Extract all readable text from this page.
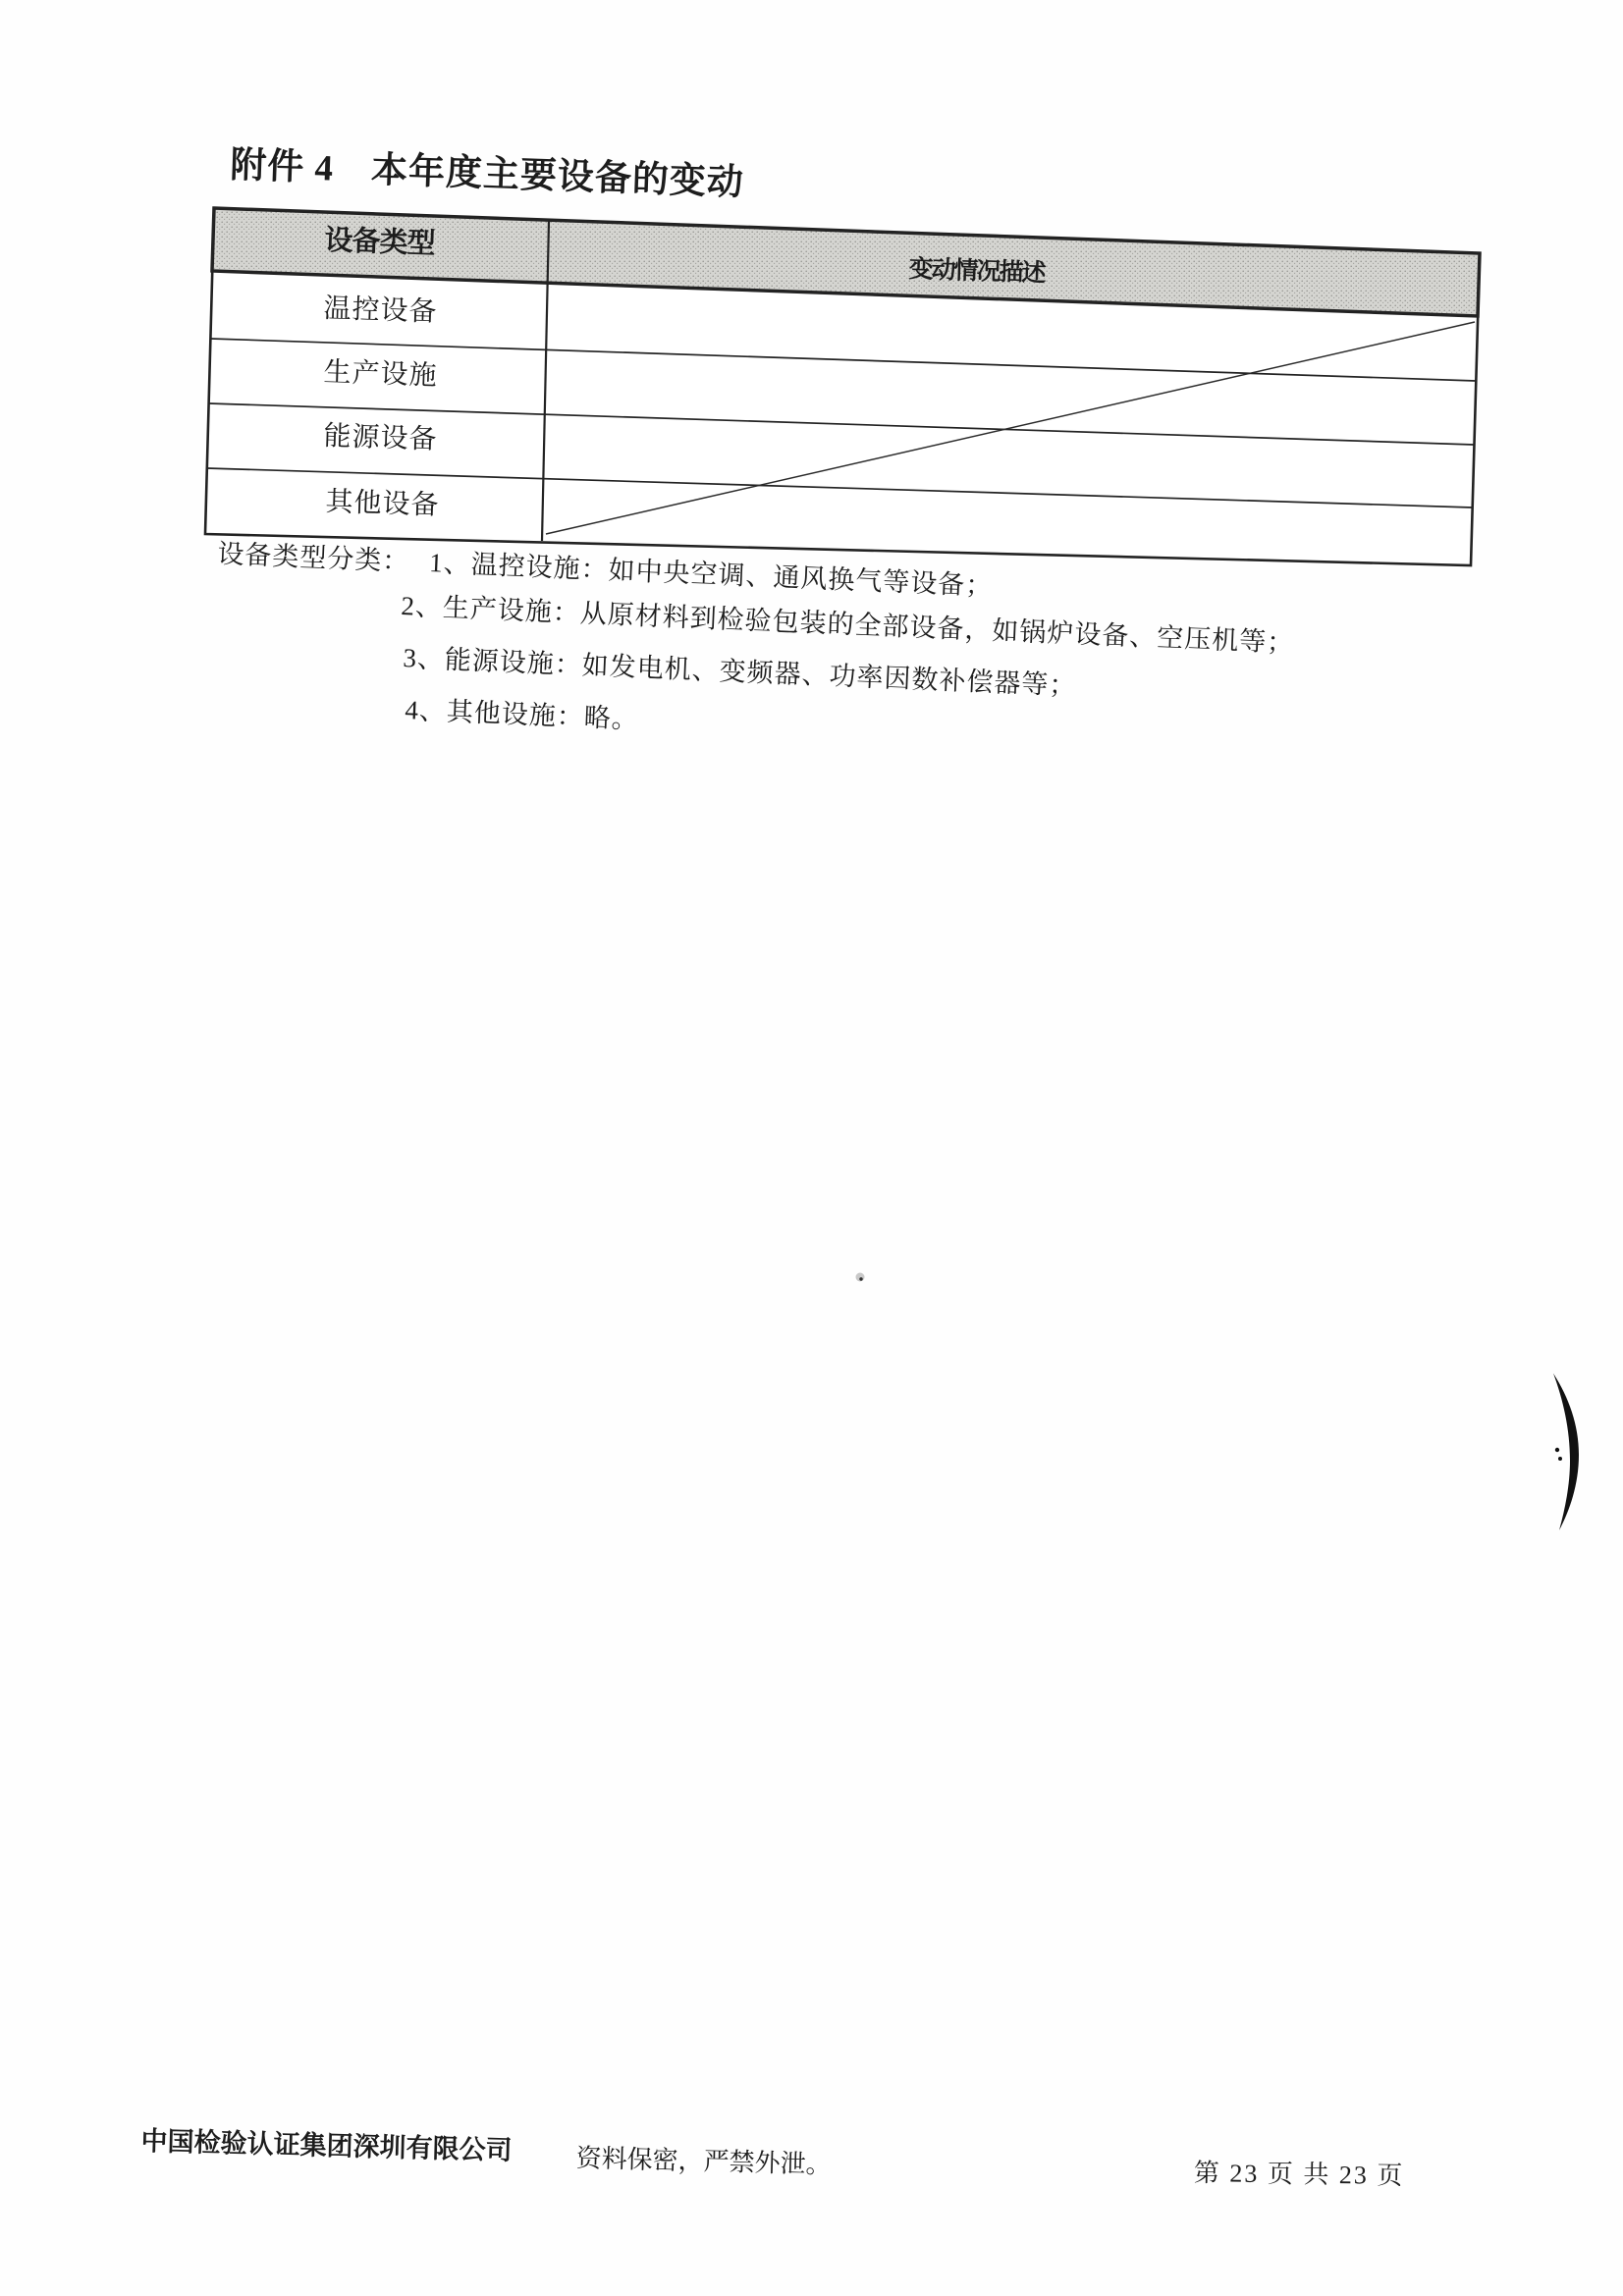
附件 4　本年度主要设备的变动
设备类型
变动情况描述
温控设备
生产设施
能源设备
其他设备
设备类型分类： 1、温控设施：如中央空调、通风换气等设备；
2、生产设施：从原材料到检验包装的全部设备，如锅炉设备、空压机等；
3、能源设施：如发电机、变频器、功率因数补偿器等；
4、其他设施：略。
中国检验认证集团深圳有限公司 资料保密，严禁外泄。	第 23 页 共 23 页
